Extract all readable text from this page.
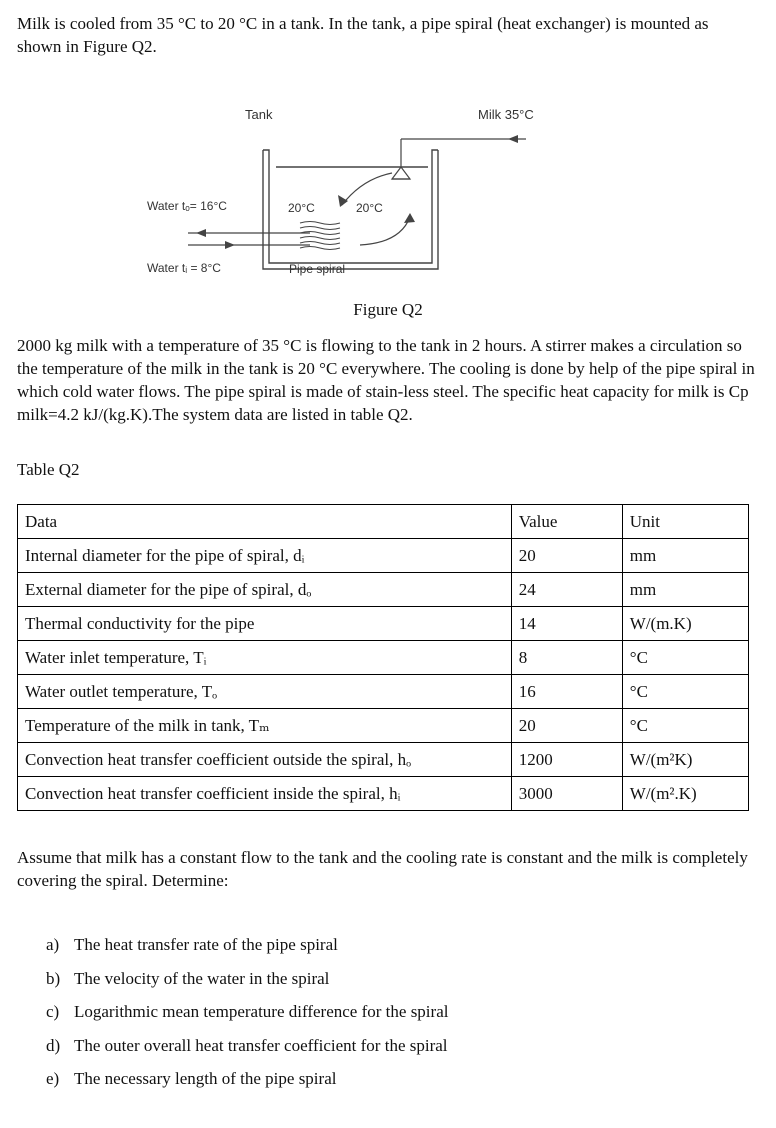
Milk is cooled from 35 °C to 20 °C in a tank. In the tank, a pipe spiral (heat exchanger) is mounted as shown in Figure Q2.

Tank	Milk 35°C
Water tₒ= 16°C
Water tᵢ = 8°C
20°C	20°C
Pipe spiral
Figure Q2

2000 kg milk with a temperature of 35 °C is flowing to the tank in 2 hours. A stirrer makes a circulation so the temperature of the milk in the tank is 20 °C everywhere. The cooling is done by help of the pipe spiral in which cold water flows. The pipe spiral is made of stain-less steel. The specific heat capacity for milk is Cp milk=4.2 kJ/(kg.K).The system data are listed in table Q2.

Table Q2
Data	Value	Unit
Internal diameter for the pipe of spiral, dᵢ	20	mm
External diameter for the pipe of spiral, dₒ	24	mm
Thermal conductivity for the pipe	14	W/(m.K)
Water inlet temperature, Tᵢ	8	°C
Water outlet temperature, Tₒ	16	°C
Temperature of the milk in tank, Tₘ	20	°C
Convection heat transfer coefficient outside the spiral, hₒ	1200	W/(m²K)
Convection heat transfer coefficient inside the spiral, hᵢ	3000	W/(m².K)

Assume that milk has a constant flow to the tank and the cooling rate is constant and the milk is completely covering the spiral. Determine:

a) The heat transfer rate of the pipe spiral
b) The velocity of the water in the spiral
c) Logarithmic mean temperature difference for the spiral
d) The outer overall heat transfer coefficient for the spiral
e) The necessary length of the pipe spiral
